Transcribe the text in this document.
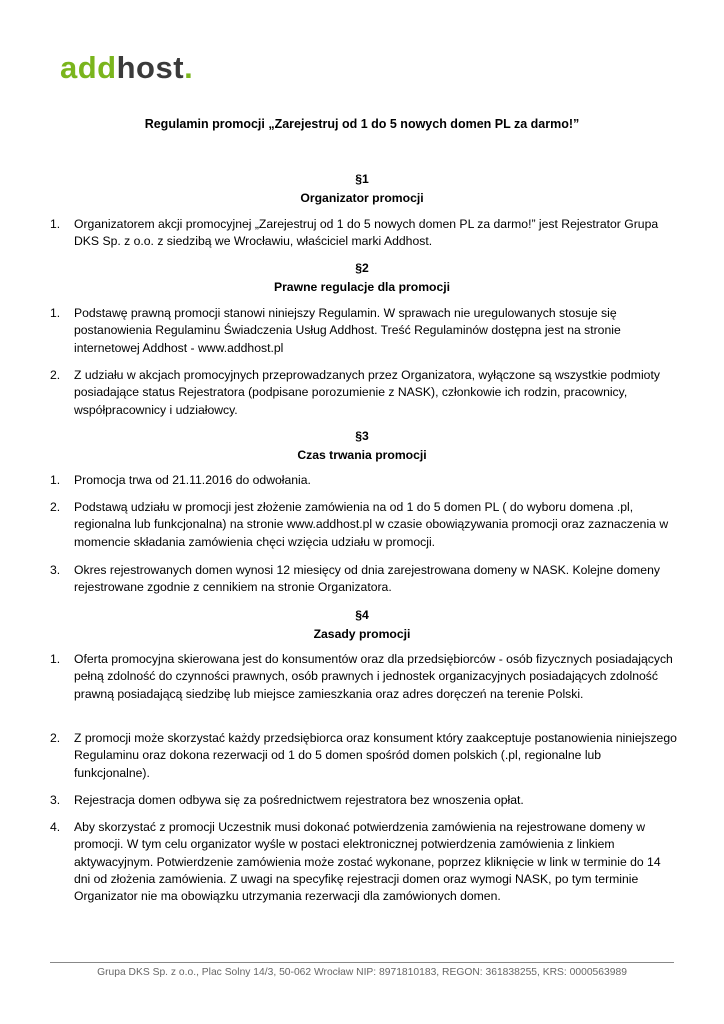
addhost.
Regulamin promocji „Zarejestruj od 1 do 5 nowych domen PL za darmo!”
§1
Organizator promocji
1.	Organizatorem akcji promocyjnej „Zarejestruj od 1 do 5 nowych domen PL za darmo!” jest Rejestrator Grupa DKS Sp. z o.o. z siedzibą we Wrocławiu, właściciel marki Addhost.
§2
Prawne regulacje dla promocji
1.	Podstawę prawną promocji stanowi niniejszy Regulamin. W sprawach nie uregulowanych stosuje się postanowienia Regulaminu Świadczenia Usług Addhost. Treść Regulaminów dostępna jest na stronie internetowej Addhost - www.addhost.pl
2.	Z udziału w akcjach promocyjnych przeprowadzanych przez Organizatora, wyłączone są wszystkie podmioty posiadające status Rejestratora (podpisane porozumienie z NASK), członkowie ich rodzin, pracownicy, współpracownicy i udziałowcy.
§3
Czas trwania promocji
1.	Promocja trwa od 21.11.2016 do odwołania.
2.	Podstawą udziału w promocji jest złożenie zamówienia na od 1 do 5 domen PL ( do wyboru domena .pl, regionalna lub funkcjonalna) na stronie www.addhost.pl w czasie obowiązywania promocji oraz zaznaczenia w momencie składania zamówienia chęci wzięcia udziału w promocji.
3.	Okres rejestrowanych domen wynosi 12 miesięcy od dnia zarejestrowana domeny w NASK. Kolejne domeny rejestrowane zgodnie z cennikiem na stronie Organizatora.
§4
Zasady promocji
1.	Oferta promocyjna skierowana jest do konsumentów oraz dla przedsiębiorców - osób fizycznych posiadających pełną zdolność do czynności prawnych, osób prawnych i jednostek organizacyjnych posiadających zdolność prawną posiadającą siedzibę lub miejsce zamieszkania oraz adres doręczeń na terenie Polski.
2.	Z promocji może skorzystać każdy przedsiębiorca oraz konsument który zaakceptuje postanowienia niniejszego Regulaminu oraz dokona rezerwacji od 1 do 5 domen spośród domen polskich (.pl, regionalne lub funkcjonalne).
3.	Rejestracja domen odbywa się za pośrednictwem rejestratora bez wnoszenia opłat.
4.	Aby skorzystać z promocji Uczestnik musi dokonać potwierdzenia zamówienia na rejestrowane domeny w promocji. W tym celu organizator wyśle w postaci elektronicznej potwierdzenia zamówienia z linkiem aktywacyjnym. Potwierdzenie zamówienia może zostać wykonane, poprzez kliknięcie w link w terminie do 14 dni od złożenia zamówienia. Z uwagi na specyfikę rejestracji domen oraz wymogi NASK, po tym terminie Organizator nie ma obowiązku utrzymania rezerwacji dla zamówionych domen.
Grupa DKS Sp. z o.o., Plac Solny 14/3, 50-062 Wrocław NIP: 8971810183, REGON: 361838255, KRS: 0000563989
